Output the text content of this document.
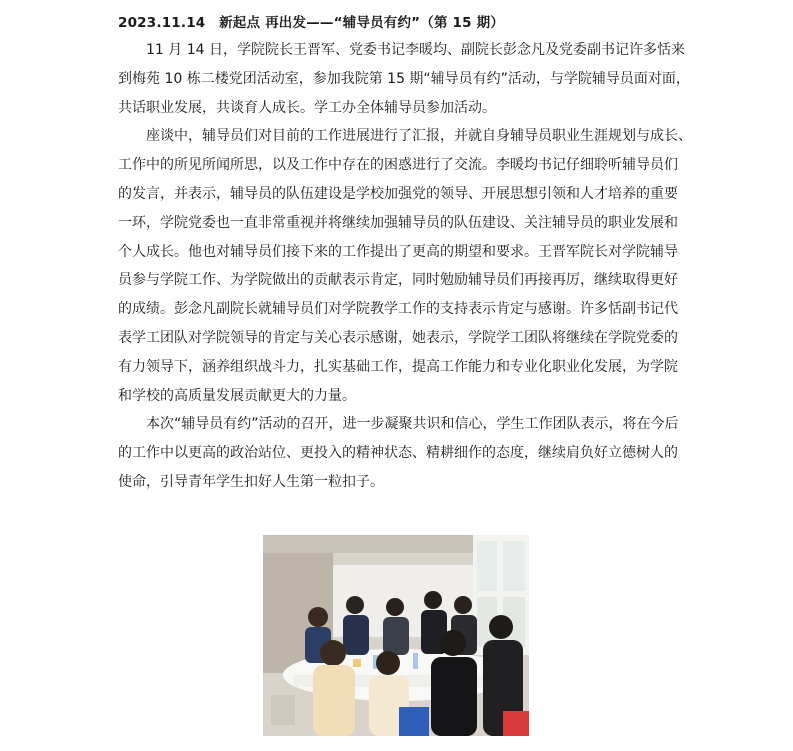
2023.11.14　新起点 再出发——“辅导员有约”（第 15 期）
11 月 14 日，学院院长王晋军、党委书记李暖均、副院长彭念凡及党委副书记许多恬来
到梅苑 10 栋二楼党团活动室，参加我院第 15 期“辅导员有约”活动，与学院辅导员面对面，
共话职业发展，共谈育人成长。学工办全体辅导员参加活动。
座谈中，辅导员们对目前的工作进展进行了汇报，并就自身辅导员职业生涯规划与成长、
工作中的所见所闻所思，以及工作中存在的困惑进行了交流。李暖均书记仔细聆听辅导员们
的发言，并表示，辅导员的队伍建设是学校加强党的领导、开展思想引领和人才培养的重要
一环，学院党委也一直非常重视并将继续加强辅导员的队伍建设、关注辅导员的职业发展和
个人成长。他也对辅导员们接下来的工作提出了更高的期望和要求。王晋军院长对学院辅导
员参与学院工作、为学院做出的贡献表示肯定，同时勉励辅导员们再接再厉，继续取得更好
的成绩。彭念凡副院长就辅导员们对学院教学工作的支持表示肯定与感谢。许多恬副书记代
表学工团队对学院领导的肯定与关心表示感谢，她表示，学院学工团队将继续在学院党委的
有力领导下，涵养组织战斗力，扎实基础工作，提高工作能力和专业化职业化发展，为学院
和学校的高质量发展贡献更大的力量。
本次“辅导员有约”活动的召开，进一步凝聚共识和信心，学生工作团队表示，将在今后
的工作中以更高的政治站位、更投入的精神状态、精耕细作的态度，继续肩负好立德树人的
使命，引导青年学生扣好人生第一粒扣子。
